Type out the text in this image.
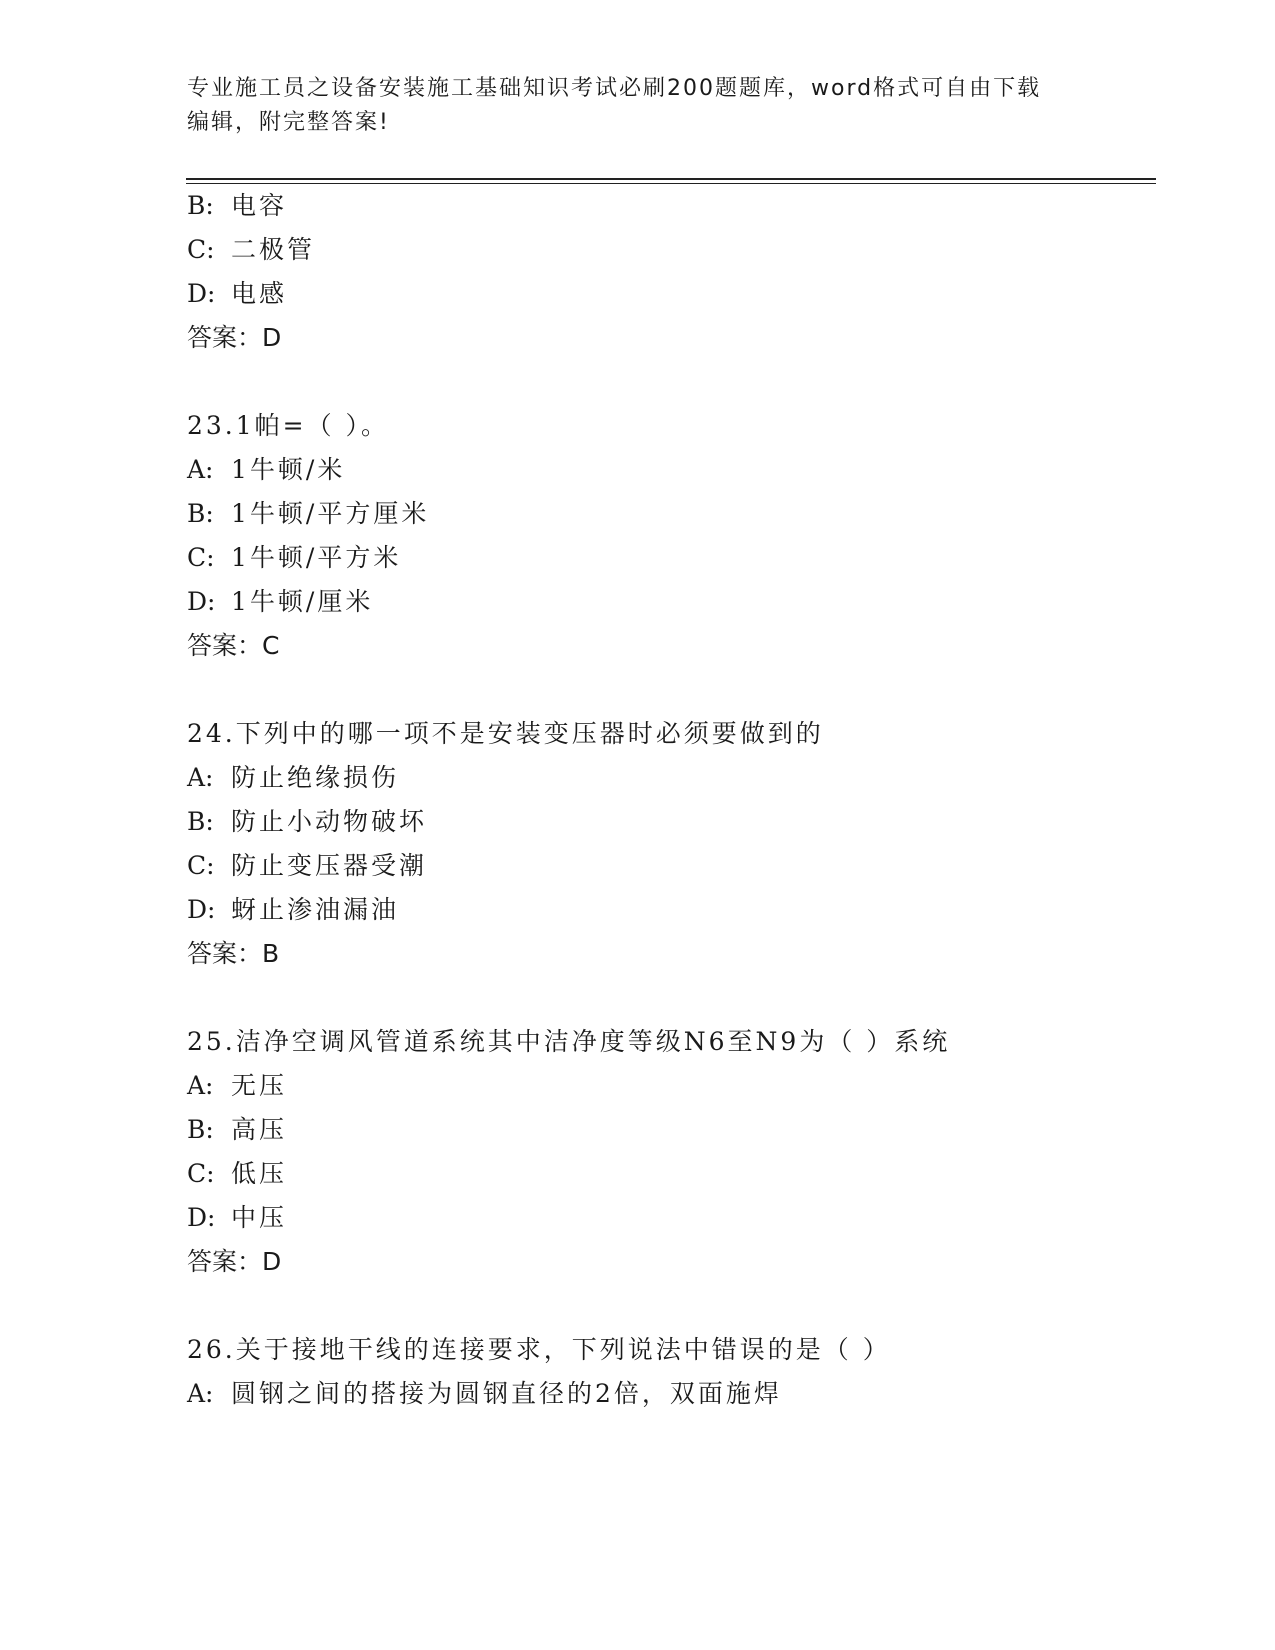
专业施工员之设备安装施工基础知识考试必刷200题题库，word格式可自由下载
编辑，附完整答案!
B: 电容
C: 二极管
D: 电感
答案：D
23.1帕=（ ）。
A: 1牛顿/米
B: 1牛顿/平方厘米
C: 1牛顿/平方米
D: 1牛顿/厘米
答案：C
24.下列中的哪一项不是安装变压器时必须要做到的
A: 防止绝缘损伤
B: 防止小动物破坏
C: 防止变压器受潮
D: 蚜止渗油漏油
答案：B
25.洁净空调风管道系统其中洁净度等级N6至N9为（ ）系统
A: 无压
B: 高压
C: 低压
D: 中压
答案：D
26.关于接地干线的连接要求，下列说法中错误的是（ ）
A: 圆钢之间的搭接为圆钢直径的2倍，双面施焊
